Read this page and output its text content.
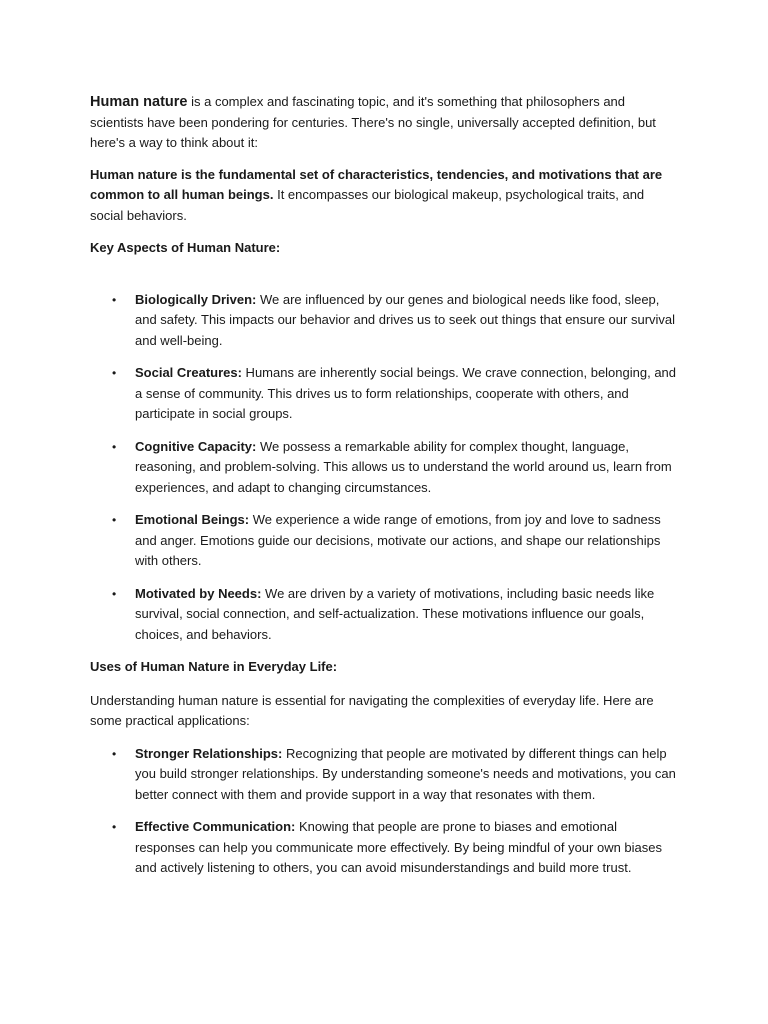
Human nature is a complex and fascinating topic, and it's something that philosophers and scientists have been pondering for centuries. There's no single, universally accepted definition, but here's a way to think about it:

Human nature is the fundamental set of characteristics, tendencies, and motivations that are common to all human beings. It encompasses our biological makeup, psychological traits, and social behaviors.

Key Aspects of Human Nature:

• Biologically Driven: We are influenced by our genes and biological needs like food, sleep, and safety. This impacts our behavior and drives us to seek out things that ensure our survival and well-being.
• Social Creatures: Humans are inherently social beings. We crave connection, belonging, and a sense of community. This drives us to form relationships, cooperate with others, and participate in social groups.
• Cognitive Capacity: We possess a remarkable ability for complex thought, language, reasoning, and problem-solving. This allows us to understand the world around us, learn from experiences, and adapt to changing circumstances.
• Emotional Beings: We experience a wide range of emotions, from joy and love to sadness and anger. Emotions guide our decisions, motivate our actions, and shape our relationships with others.
• Motivated by Needs: We are driven by a variety of motivations, including basic needs like survival, social connection, and self-actualization. These motivations influence our goals, choices, and behaviors.

Uses of Human Nature in Everyday Life:

Understanding human nature is essential for navigating the complexities of everyday life. Here are some practical applications:

• Stronger Relationships: Recognizing that people are motivated by different things can help you build stronger relationships. By understanding someone's needs and motivations, you can better connect with them and provide support in a way that resonates with them.
• Effective Communication: Knowing that people are prone to biases and emotional responses can help you communicate more effectively. By being mindful of your own biases and actively listening to others, you can avoid misunderstandings and build more trust.
